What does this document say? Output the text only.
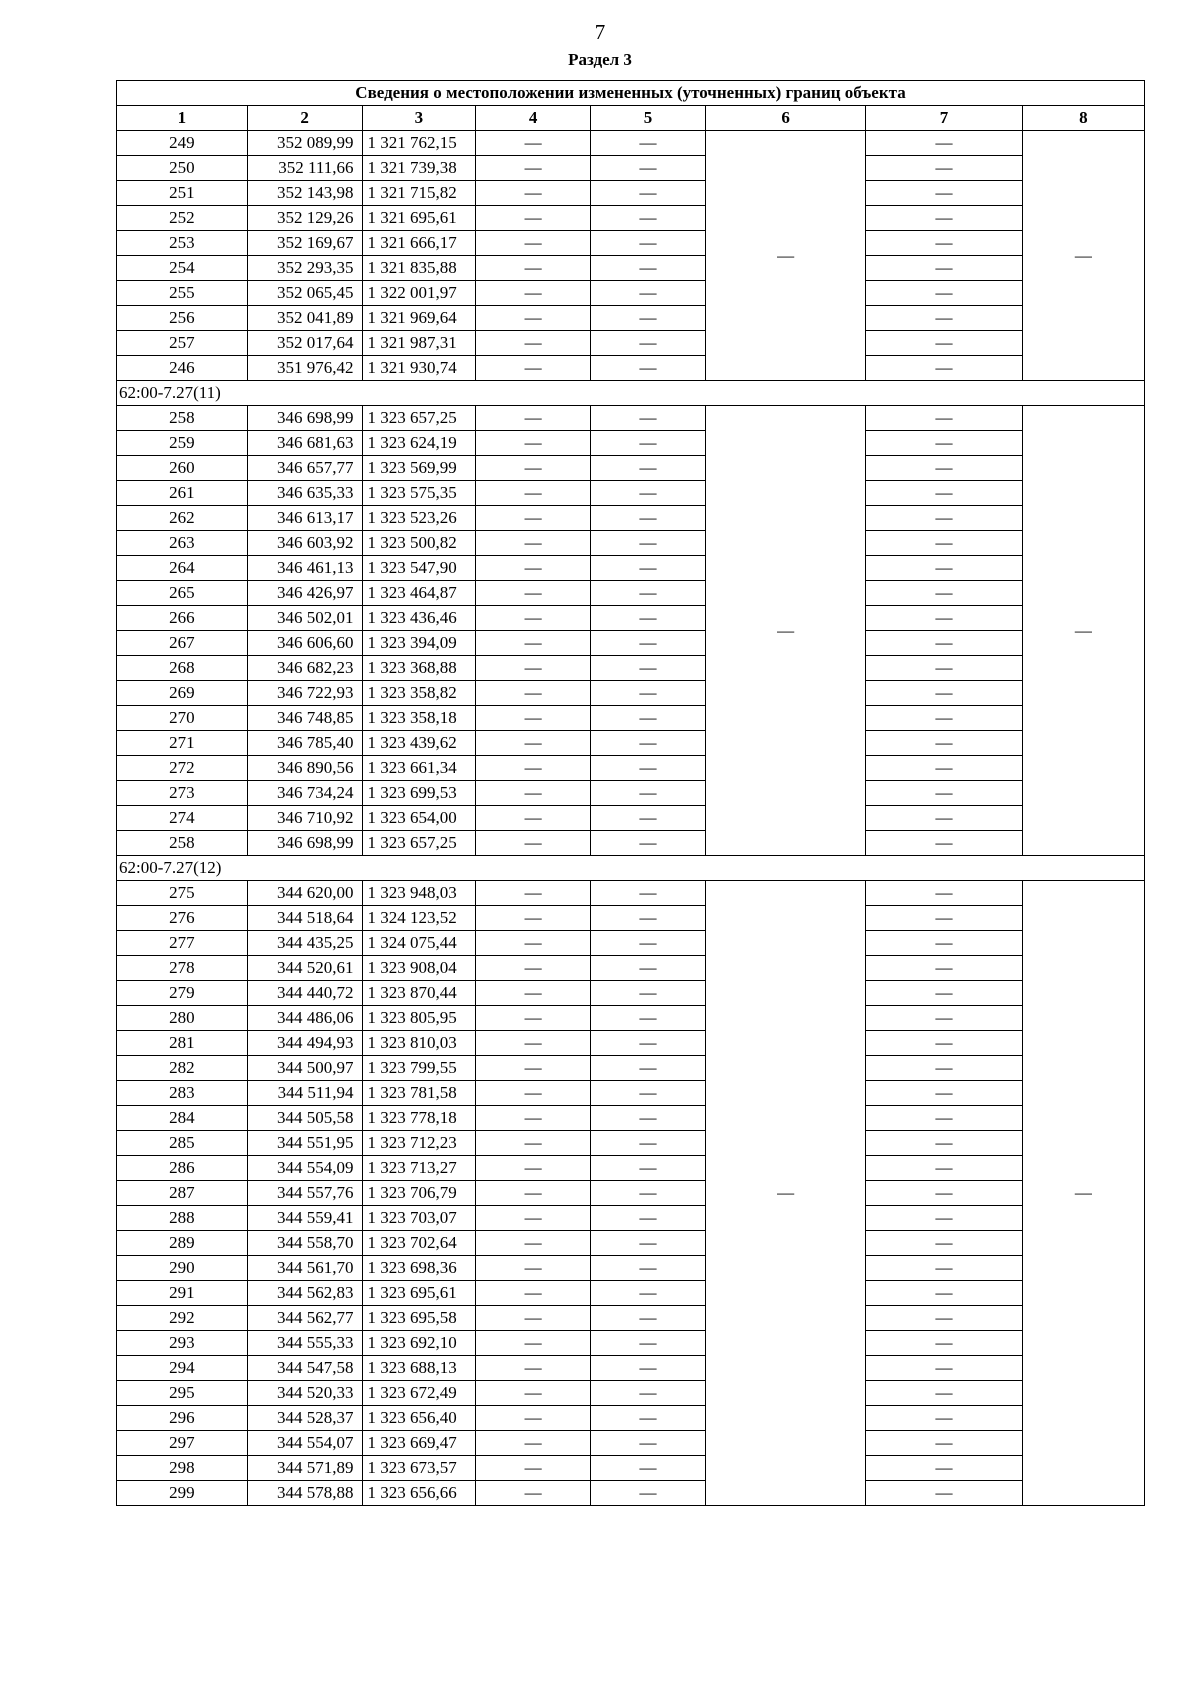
7
Раздел 3
Сведения о местоположении измененных (уточненных) границ объекта							
1	2	3	4	5	6	7	8
249	352 089,99	1 321 762,15	—	—	—	—	—
250	352 111,66	1 321 739,38	—	—		—	
251	352 143,98	1 321 715,82	—	—		—	
252	352 129,26	1 321 695,61	—	—		—	
253	352 169,67	1 321 666,17	—	—		—	
254	352 293,35	1 321 835,88	—	—		—	
255	352 065,45	1 322 001,97	—	—		—	
256	352 041,89	1 321 969,64	—	—		—	
257	352 017,64	1 321 987,31	—	—		—	
246	351 976,42	1 321 930,74	—	—		—	
62:00-7.27(11)							
258	346 698,99	1 323 657,25	—	—	—	—	—
259	346 681,63	1 323 624,19	—	—		—	
260	346 657,77	1 323 569,99	—	—		—	
261	346 635,33	1 323 575,35	—	—		—	
262	346 613,17	1 323 523,26	—	—		—	
263	346 603,92	1 323 500,82	—	—		—	
264	346 461,13	1 323 547,90	—	—		—	
265	346 426,97	1 323 464,87	—	—		—	
266	346 502,01	1 323 436,46	—	—		—	
267	346 606,60	1 323 394,09	—	—		—	
268	346 682,23	1 323 368,88	—	—		—	
269	346 722,93	1 323 358,82	—	—		—	
270	346 748,85	1 323 358,18	—	—		—	
271	346 785,40	1 323 439,62	—	—		—	
272	346 890,56	1 323 661,34	—	—		—	
273	346 734,24	1 323 699,53	—	—		—	
274	346 710,92	1 323 654,00	—	—		—	
258	346 698,99	1 323 657,25	—	—		—	
62:00-7.27(12)							
275	344 620,00	1 323 948,03	—	—	—	—	—
276	344 518,64	1 324 123,52	—	—		—	
277	344 435,25	1 324 075,44	—	—		—	
278	344 520,61	1 323 908,04	—	—		—	
279	344 440,72	1 323 870,44	—	—		—	
280	344 486,06	1 323 805,95	—	—		—	
281	344 494,93	1 323 810,03	—	—		—	
282	344 500,97	1 323 799,55	—	—		—	
283	344 511,94	1 323 781,58	—	—		—	
284	344 505,58	1 323 778,18	—	—		—	
285	344 551,95	1 323 712,23	—	—		—	
286	344 554,09	1 323 713,27	—	—		—	
287	344 557,76	1 323 706,79	—	—		—	
288	344 559,41	1 323 703,07	—	—		—	
289	344 558,70	1 323 702,64	—	—		—	
290	344 561,70	1 323 698,36	—	—		—	
291	344 562,83	1 323 695,61	—	—		—	
292	344 562,77	1 323 695,58	—	—		—	
293	344 555,33	1 323 692,10	—	—		—	
294	344 547,58	1 323 688,13	—	—		—	
295	344 520,33	1 323 672,49	—	—		—	
296	344 528,37	1 323 656,40	—	—		—	
297	344 554,07	1 323 669,47	—	—		—	
298	344 571,89	1 323 673,57	—	—		—	
299	344 578,88	1 323 656,66	—	—		—	
